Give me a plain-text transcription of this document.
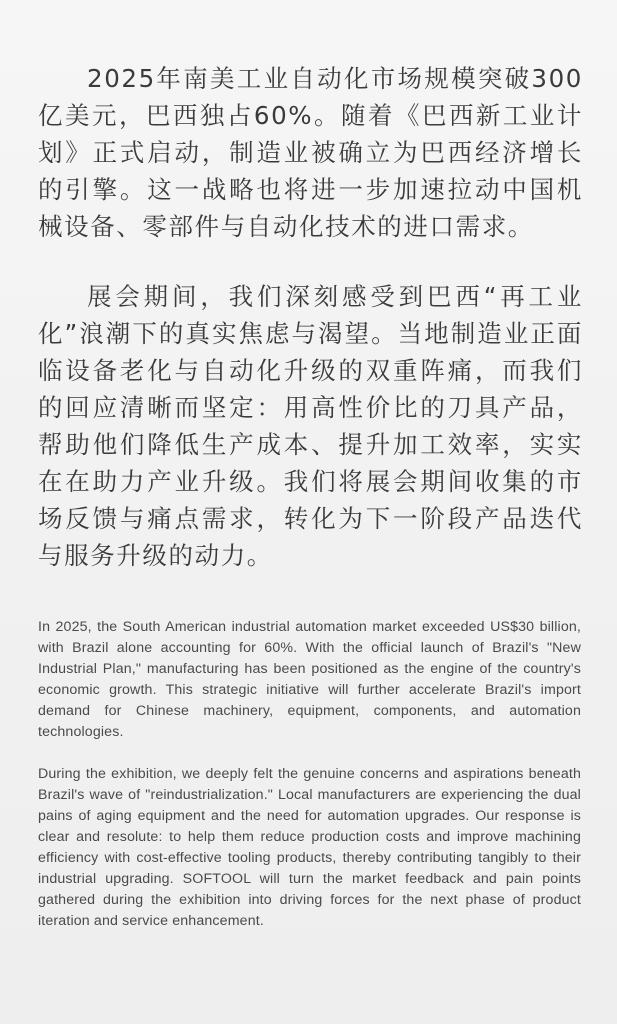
2025年南美工业自动化市场规模突破300亿美元，巴西独占60%。随着《巴西新工业计划》正式启动，制造业被确立为巴西经济增长的引擎。这一战略也将进一步加速拉动中国机械设备、零部件与自动化技术的进口需求。

展会期间，我们深刻感受到巴西“再工业化”浪潮下的真实焦虑与渴望。当地制造业正面临设备老化与自动化升级的双重阵痛，而我们的回应清晰而坚定：用高性价比的刀具产品，帮助他们降低生产成本、提升加工效率，实实在在助力产业升级。我们将展会期间收集的市场反馈与痛点需求，转化为下一阶段产品迭代与服务升级的动力。

In 2025, the South American industrial automation market exceeded US$30 billion, with Brazil alone accounting for 60%. With the official launch of Brazil's "New Industrial Plan," manufacturing has been positioned as the engine of the country's economic growth. This strategic initiative will further accelerate Brazil's import demand for Chinese machinery, equipment, components, and automation technologies.

During the exhibition, we deeply felt the genuine concerns and aspirations beneath Brazil's wave of "reindustrialization." Local manufacturers are experiencing the dual pains of aging equipment and the need for automation upgrades. Our response is clear and resolute: to help them reduce production costs and improve machining efficiency with cost-effective tooling products, thereby contributing tangibly to their industrial upgrading. SOFTOOL will turn the market feedback and pain points gathered during the exhibition into driving forces for the next phase of product iteration and service enhancement.
